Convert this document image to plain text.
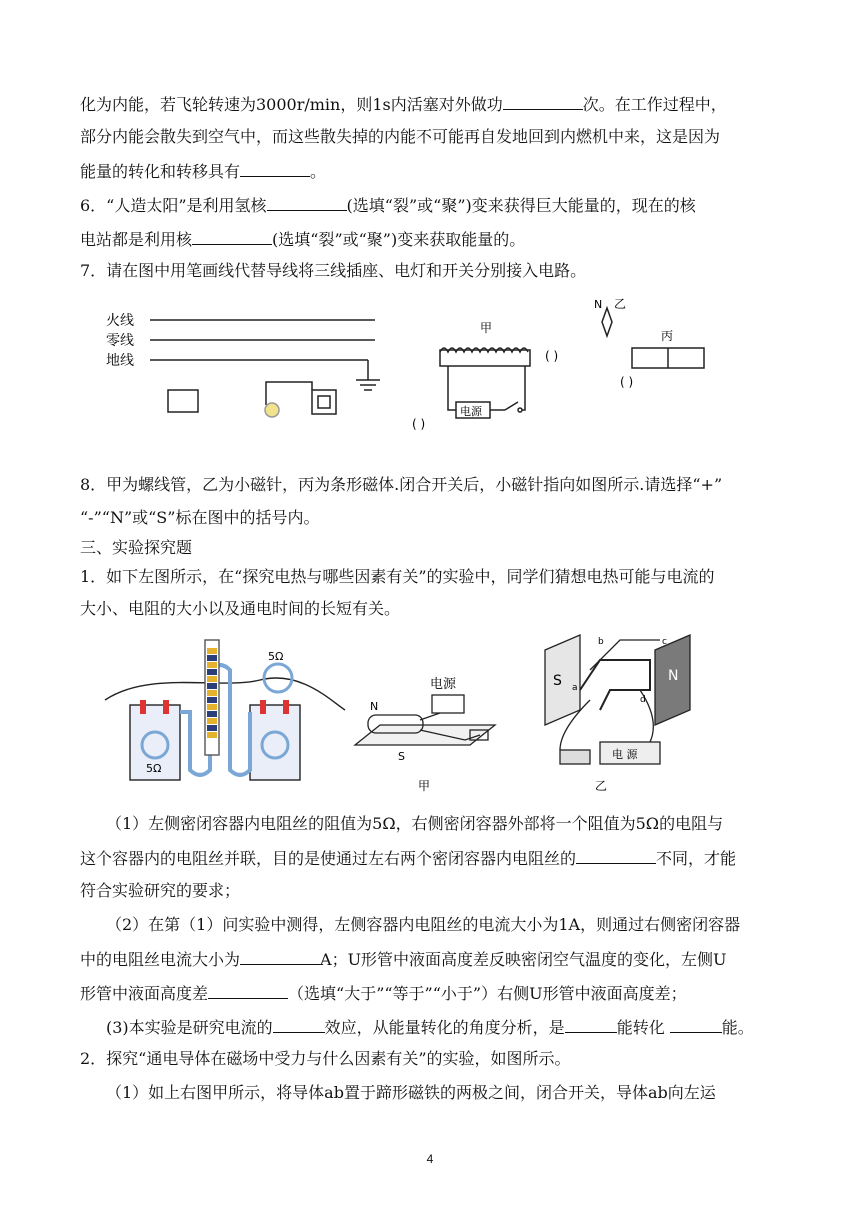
化为内能，若飞轮转速为3000r/min，则1s内活塞对外做功	次。在工作过程中，
部分内能会散失到空气中，而这些散失掉的内能不可能再自发地回到内燃机中来，这是因为
能量的转化和转移具有	。
6．“人造太阳”是利用氢核	(选填“裂”或“聚”)变来获得巨大能量的，现在的核
电站都是利用核	(选填“裂”或“聚”)变来获取能量的。
7．请在图中用笔画线代替导线将三线插座、电灯和开关分别接入电路。
火线
零线
地线
甲
N 乙
丙
电源
( )
( )
( )
8．甲为螺线管，乙为小磁针，丙为条形磁体.闭合开关后，小磁针指向如图所示.请选择“+”
“-”“N”或“S”标在图中的括号内。
三、实验探究题
1．如下左图所示，在“探究电热与哪些因素有关”的实验中，同学们猜想电热可能与电流的
大小、电阻的大小以及通电时间的长短有关。
5Ω
5Ω
电源
N
S
甲
S	N
a
b	c
d
电 源
乙
（1）左侧密闭容器内电阻丝的阻值为5Ω，右侧密闭容器外部将一个阻值为5Ω的电阻与
这个容器内的电阻丝并联，目的是使通过左右两个密闭容器内电阻丝的	不同，才能
符合实验研究的要求；
（2）在第（1）问实验中测得，左侧容器内电阻丝的电流大小为1A，则通过右侧密闭容器
中的电阻丝电流大小为	A；U形管中液面高度差反映密闭空气温度的变化，左侧U
形管中液面高度差	（选填“大于”“等于”“小于”）右侧U形管中液面高度差；
(3)本实验是研究电流的	效应，从能量转化的角度分析，是	能转化	能。
2．探究“通电导体在磁场中受力与什么因素有关”的实验，如图所示。
（1）如上右图甲所示，将导体ab置于蹄形磁铁的两极之间，闭合开关，导体ab向左运
4
